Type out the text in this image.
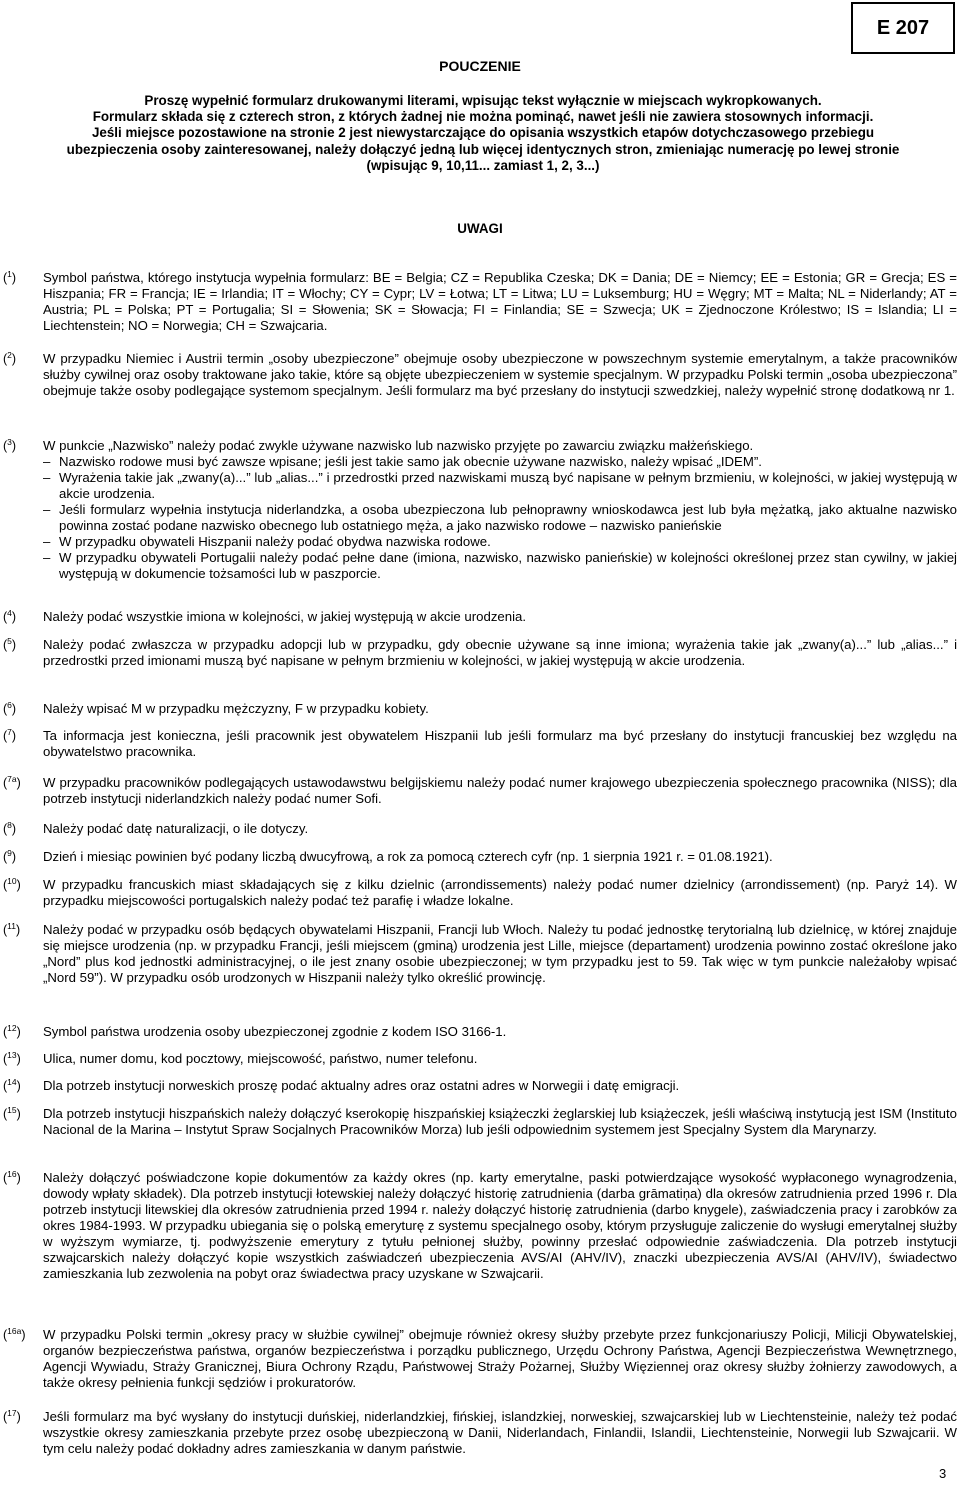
E 207
POUCZENIE

Proszę wypełnić formularz drukowanymi literami, wpisując tekst wyłącznie w miejscach wykropkowanych.

Formularz składa się z czterech stron, z których żadnej nie można pominąć, nawet jeśli nie zawiera stosownych informacji.

Jeśli miejsce pozostawione na stronie 2 jest niewystarczające do opisania wszystkich etapów dotychczasowego przebiegu ubezpieczenia osoby zainteresowanej, należy dołączyć jedną lub więcej identycznych stron, zmieniając numerację po lewej stronie (wpisując 9, 10,11... zamiast 1, 2, 3...)

UWAGI
($^1$) Symbol państwa, którego instytucja wypełnia formularz: BE = Belgia; CZ = Republika Czeska; DK = Dania; DE = Niemcy; EE = Estonia; GR = Grecja; ES = Hiszpania; FR = Francja; IE = Irlandia; IT = Włochy; CY = Cypr; LV = Łotwa; LT = Litwa; LU = Luksemburg; HU = Węgry; MT = Malta; NL = Niderlandy; AT = Austria; PL = Polska; PT = Portugalia; SI = Słowenia; SK = Słowacja; FI = Finlandia; SE = Szwecja; UK = Zjednoczone Królestwo; IS = Islandia; LI = Liechtenstein; NO = Norwegia; CH = Szwajcaria.

($^2$) W przypadku Niemiec i Austrii termin „osoby ubezpieczone” obejmuje osoby ubezpieczone w powszechnym systemie emerytalnym, a także pracowników służby cywilnej oraz osoby traktowane jako takie, które są objęte ubezpieczeniem w systemie specjalnym. W przypadku Polski termin „osoba ubezpieczona” obejmuje także osoby podlegające systemom specjalnym. Jeśli formularz ma być przesłany do instytucji szwedzkiej, należy wypełnić stronę dodatkową nr 1.

($^3$) W punkcie „Nazwisko” należy podać zwykle używane nazwisko lub nazwisko przyjęte po zawarciu związku małżeńskiego.

– Nazwisko rodowe musi być zawsze wpisane; jeśli jest takie samo jak obecnie używane nazwisko, należy wpisać „IDEM”.
– Wyrażenia takie jak „zwany(a)...” lub „alias...” i przedrostki przed nazwiskami muszą być napisane w pełnym brzmieniu, w kolejności, w jakiej występują w akcie urodzenia.
– Jeśli formularz wypełnia instytucja niderlandzka, a osoba ubezpieczona lub pełnoprawny wnioskodawca jest lub była mężatką, jako aktualne nazwisko powinna zostać podane nazwisko obecnego lub ostatniego męża, a jako nazwisko rodowe – nazwisko panieńskie
– W przypadku obywateli Hiszpanii należy podać obydwa nazwiska rodowe.
– W przypadku obywateli Portugalii należy podać pełne dane (imiona, nazwisko, nazwisko panieńskie) w kolejności określonej przez stan cywilny, w jakiej występują w dokumencie tożsamości lub w paszporcie.
($^4$) Należy podać wszystkie imiona w kolejności, w jakiej występują w akcie urodzenia.

($^5$) Należy podać zwłaszcza w przypadku adopcji lub w przypadku, gdy obecnie używane są inne imiona; wyrażenia takie jak „zwany(a)...” lub „alias...” i przedrostki przed imionami muszą być napisane w pełnym brzmieniu w kolejności, w jakiej występują w akcie urodzenia.

($^6$) Należy wpisać M w przypadku mężczyzny, F w przypadku kobiety.

($^7$) Ta informacja jest konieczna, jeśli pracownik jest obywatelem Hiszpanii lub jeśli formularz ma być przesłany do instytucji francuskiej bez względu na obywatelstwo pracownika.

($^{7a}$) W przypadku pracowników podlegających ustawodawstwu belgijskiemu należy podać numer krajowego ubezpieczenia społecznego pracownika (NISS); dla potrzeb instytucji niderlandzkich należy podać numer Sofi.

($^8$) Należy podać datę naturalizacji, o ile dotyczy.

($^9$) Dzień i miesiąc powinien być podany liczbą dwucyfrową, a rok za pomocą czterech cyfr (np. 1 sierpnia 1921 r. = 01.08.1921).

($^{10}$) W przypadku francuskich miast składających się z kilku dzielnic (arrondissements) należy podać numer dzielnicy (arrondissement) (np. Paryż 14). W przypadku miejscowości portugalskich należy podać też parafię i władze lokalne.

($^{11}$) Należy podać w przypadku osób będących obywatelami Hiszpanii, Francji lub Włoch. Należy tu podać jednostkę terytorialną lub dzielnicę, w której znajduje się miejsce urodzenia (np. w przypadku Francji, jeśli miejscem (gminą) urodzenia jest Lille, miejsce (departament) urodzenia powinno zostać określone jako „Nord” plus kod jednostki administracyjnej, o ile jest znany osobie ubezpieczonej; w tym przypadku jest to 59. Tak więc w tym punkcie należałoby wpisać „Nord 59”). W przypadku osób urodzonych w Hiszpanii należy tylko określić prowincję.

($^{12}$) Symbol państwa urodzenia osoby ubezpieczonej zgodnie z kodem ISO 3166-1.

($^{13}$) Ulica, numer domu, kod pocztowy, miejscowość, państwo, numer telefonu.

($^{14}$) Dla potrzeb instytucji norweskich proszę podać aktualny adres oraz ostatni adres w Norwegii i datę emigracji.

($^{15}$) Dla potrzeb instytucji hiszpańskich należy dołączyć kserokopię hiszpańskiej książeczki żeglarskiej lub książeczek, jeśli właściwą instytucją jest ISM (Instituto Nacional de la Marina – Instytut Spraw Socjalnych Pracowników Morza) lub jeśli odpowiednim systemem jest Specjalny System dla Marynarzy.

($^{16}$) Należy dołączyć poświadczone kopie dokumentów za każdy okres (np. karty emerytalne, paski potwierdzające wysokość wypłaconego wynagrodzenia, dowody wpłaty składek). Dla potrzeb instytucji łotewskiej należy dołączyć historię zatrudnienia (darba grāmatiņa) dla okresów zatrudnienia przed 1996 r. Dla potrzeb instytucji litewskiej dla okresów zatrudnienia przed 1994 r. należy dołączyć historię zatrudnienia (darbo knygele), zaświadczenia pracy i zarobków za okres 1984-1993. W przypadku ubiegania się o polską emeryturę z systemu specjalnego osoby, którym przysługuje zaliczenie do wysługi emerytalnej służby w wyższym wymiarze, tj. podwyższenie emerytury z tytułu pełnionej służby, powinny przesłać odpowiednie zaświadczenia. Dla potrzeb instytucji szwajcarskich należy dołączyć kopie wszystkich zaświadczeń ubezpieczenia AVS/AI (AHV/IV), znaczki ubezpieczenia AVS/AI (AHV/IV), świadectwo zamieszkania lub zezwolenia na pobyt oraz świadectwa pracy uzyskane w Szwajcarii.

($^{16a}$) W przypadku Polski termin „okresy pracy w służbie cywilnej” obejmuje również okresy służby przebyte przez funkcjonariuszy Policji, Milicji Obywatelskiej, organów bezpieczeństwa państwa, organów bezpieczeństwa i porządku publicznego, Urzędu Ochrony Państwa, Agencji Bezpieczeństwa Wewnętrznego, Agencji Wywiadu, Straży Granicznej, Biura Ochrony Rządu, Państwowej Straży Pożarnej, Służby Więziennej oraz okresy służby żołnierzy zawodowych, a także okresy pełnienia funkcji sędziów i prokuratorów.

($^{17}$) Jeśli formularz ma być wysłany do instytucji duńskiej, niderlandzkiej, fińskiej, islandzkiej, norweskiej, szwajcarskiej lub w Liechtensteinie, należy też podać wszystkie okresy zamieszkania przebyte przez osobę ubezpieczoną w Danii, Niderlandach, Finlandii, Islandii, Liechtensteinie, Norwegii lub Szwajcarii. W tym celu należy podać dokładny adres zamieszkania w danym państwie.

3
